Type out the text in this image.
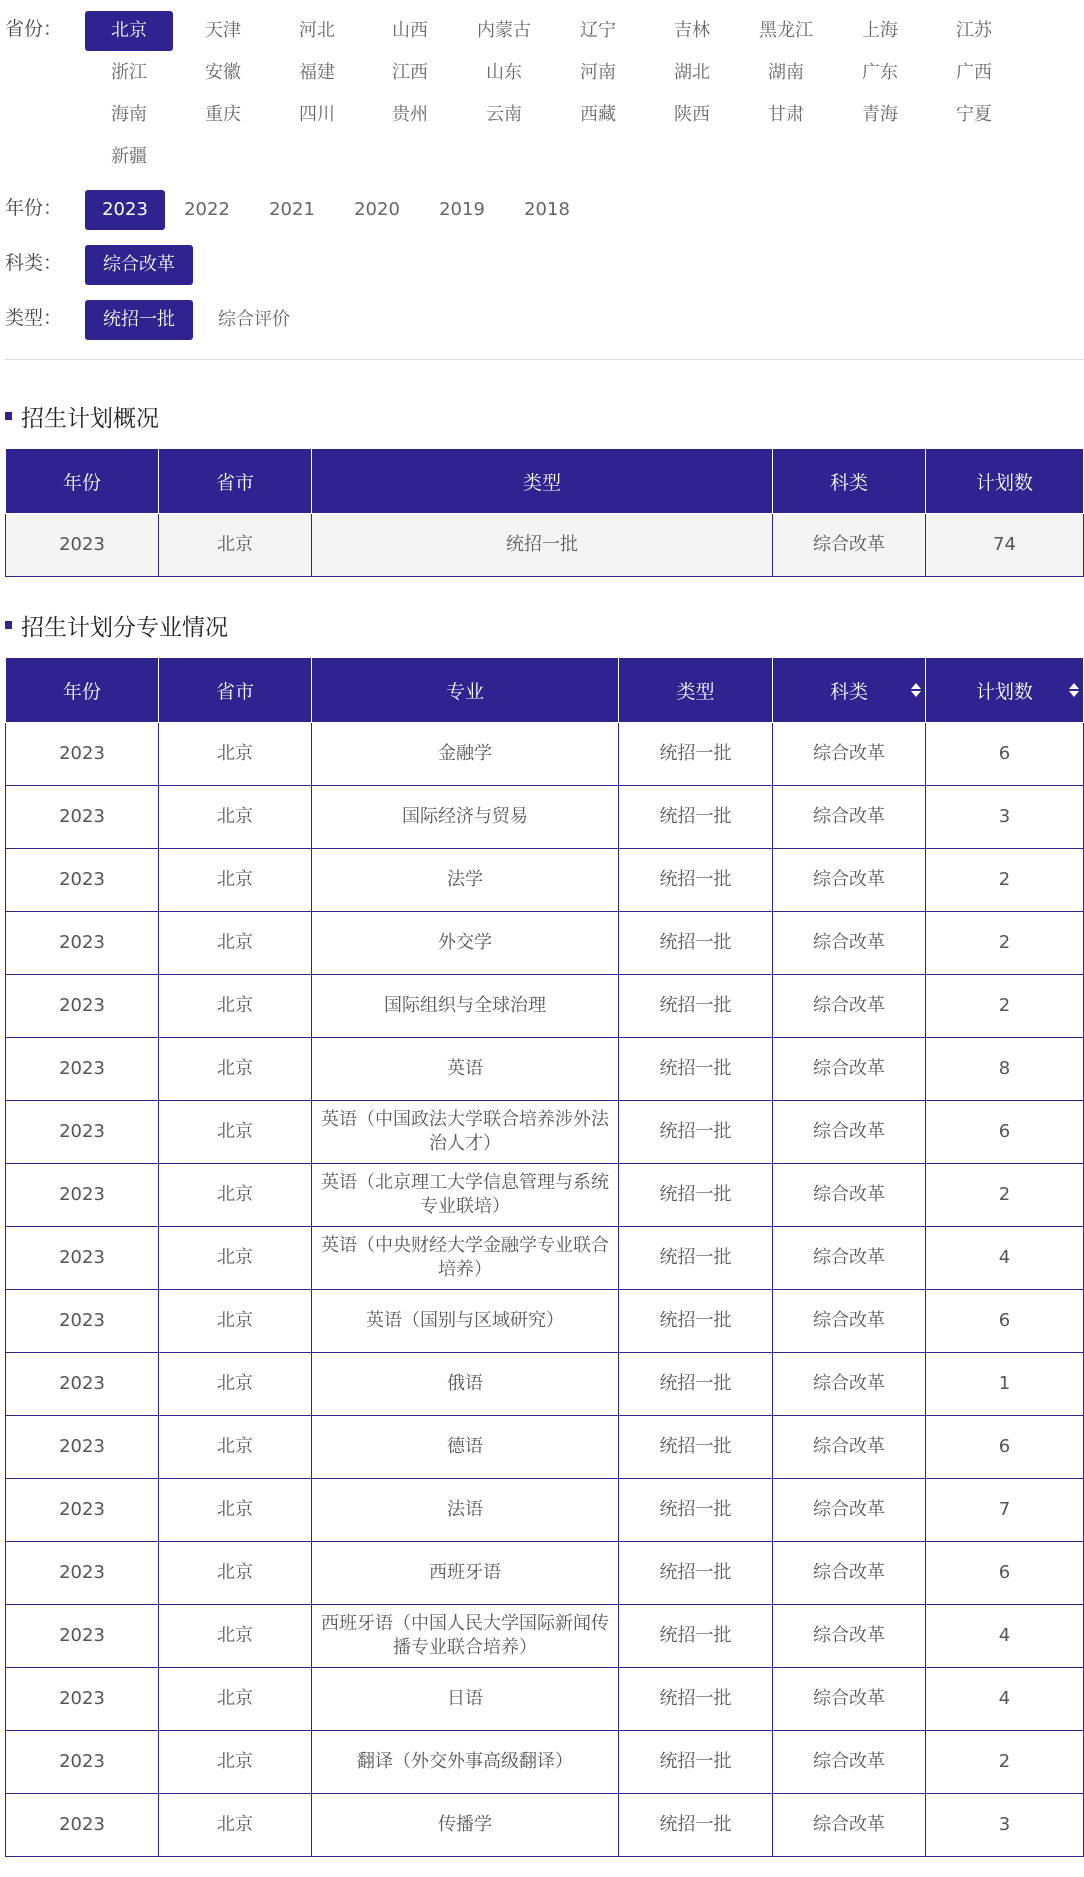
省份：	北京	天津	河北	山西	内蒙古	辽宁	吉林	黑龙江	上海	江苏
浙江	安徽	福建	江西	山东	河南	湖北	湖南	广东	广西
海南	重庆	四川	贵州	云南	西藏	陕西	甘肃	青海	宁夏
新疆
年份：	2023	2022	2021	2020	2019	2018
科类：	综合改革
类型：	统招一批	综合评价
招生计划概况
年份	省市	类型	科类	计划数
2023	北京	统招一批	综合改革	74
招生计划分专业情况
年份	省市	专业	类型	科类	计划数

2023	北京	金融学	统招一批	综合改革	6
2023	北京	国际经济与贸易	统招一批	综合改革	3
2023	北京	法学	统招一批	综合改革	2
2023	北京	外交学	统招一批	综合改革	2
2023	北京	国际组织与全球治理	统招一批	综合改革	2
2023	北京	英语	统招一批	综合改革	8
2023	北京	英语（中国政法大学联合培养涉外法治人才）	统招一批	综合改革	6
2023	北京	英语（北京理工大学信息管理与系统专业联培）	统招一批	综合改革	2
2023	北京	英语（中央财经大学金融学专业联合培养）	统招一批	综合改革	4
2023	北京	英语（国别与区域研究）	统招一批	综合改革	6
2023	北京	俄语	统招一批	综合改革	1
2023	北京	德语	统招一批	综合改革	6
2023	北京	法语	统招一批	综合改革	7
2023	北京	西班牙语	统招一批	综合改革	6
2023	北京	西班牙语（中国人民大学国际新闻传播专业联合培养）	统招一批	综合改革	4
2023	北京	日语	统招一批	综合改革	4
2023	北京	翻译（外交外事高级翻译）	统招一批	综合改革	2
2023	北京	传播学	统招一批	综合改革	3
